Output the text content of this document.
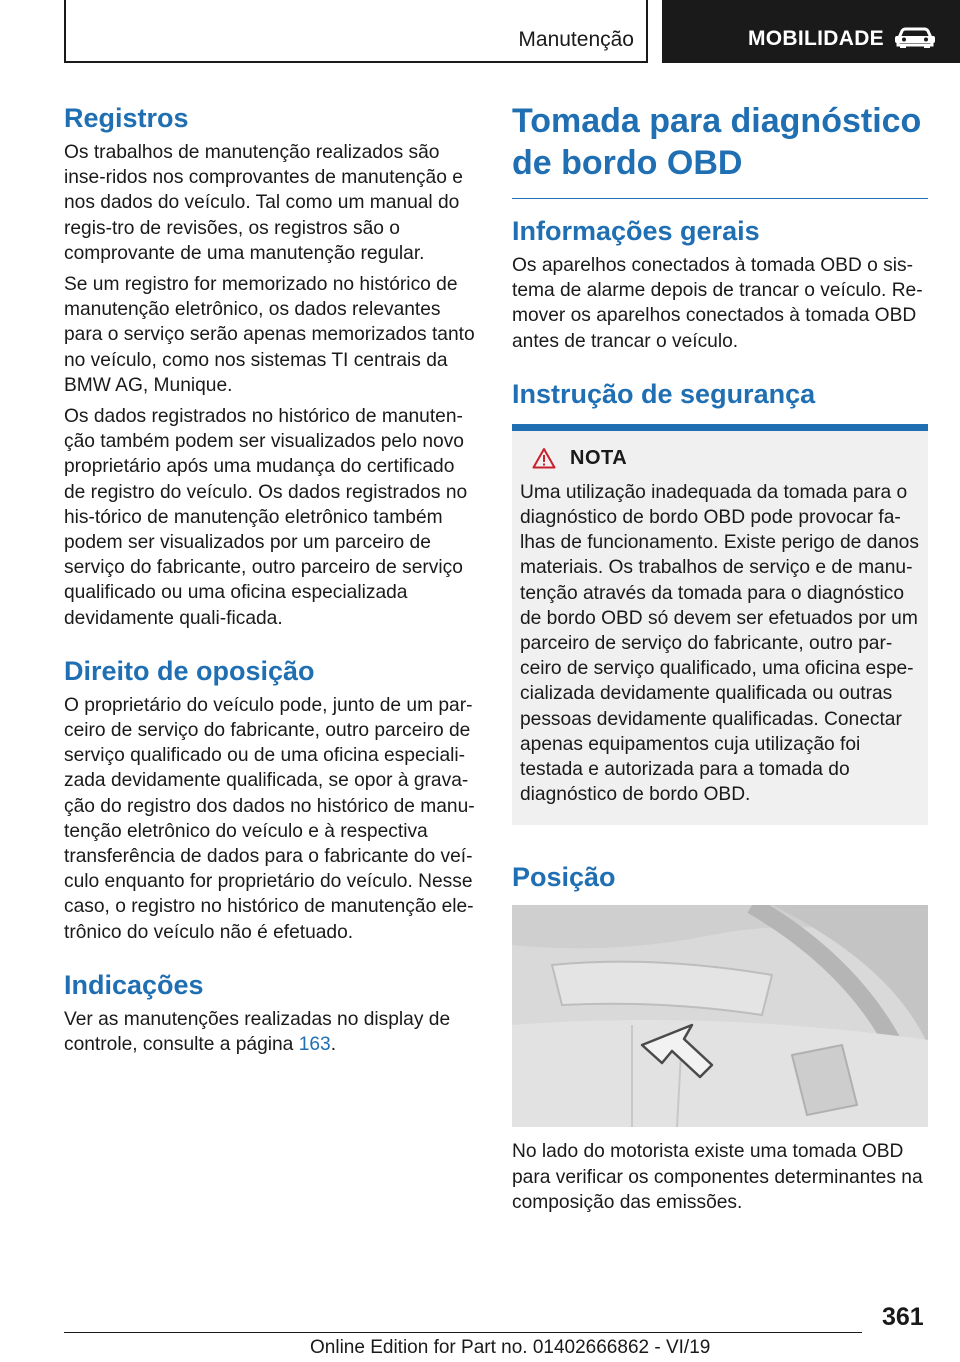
Manutenção	MOBILIDADE
Registros

Os trabalhos de manutenção realizados são inse-ridos nos comprovantes de manutenção e nos dados do veículo. Tal como um manual do regis-tro de revisões, os registros são o comprovante de uma manutenção regular.

Se um registro for memorizado no histórico de manutenção eletrônico, os dados relevantes para o serviço serão apenas memorizados tanto no veículo, como nos sistemas TI centrais da BMW AG, Munique.

Os dados registrados no histórico de manuten-ção também podem ser visualizados pelo novo proprietário após uma mudança do certificado de registro do veículo. Os dados registrados no his-tórico de manutenção eletrônico também podem ser visualizados por um parceiro de serviço do fabricante, outro parceiro de serviço qualificado ou uma oficina especializada devidamente quali-ficada.

Direito de oposição

O proprietário do veículo pode, junto de um par-ceiro de serviço do fabricante, outro parceiro de serviço qualificado ou de uma oficina especiali-zada devidamente qualificada, se opor à grava-ção do registro dos dados no histórico de manu-tenção eletrônico do veículo e à respectiva transferência de dados para o fabricante do veí-culo enquanto for proprietário do veículo. Nesse caso, o registro no histórico de manutenção ele-trônico do veículo não é efetuado.

Indicações

Ver as manutenções realizadas no display de controle, consulte a página 163.

Tomada para diagnóstico
de bordo OBD
Informações gerais

Os aparelhos conectados à tomada OBD o sis-tema de alarme depois de trancar o veículo. Re-mover os aparelhos conectados à tomada OBD antes de trancar o veículo.

Instrução de segurança
NOTA

Uma utilização inadequada da tomada para o diagnóstico de bordo OBD pode provocar fa-lhas de funcionamento. Existe perigo de danos materiais. Os trabalhos de serviço e de manu-tenção através da tomada para o diagnóstico de bordo OBD só devem ser efetuados por um parceiro de serviço do fabricante, outro par-ceiro de serviço qualificado, uma oficina espe-cializada devidamente qualificada ou outras pessoas devidamente qualificadas. Conectar apenas equipamentos cuja utilização foi testada e autorizada para a tomada do diagnóstico de bordo OBD.

Posição

No lado do motorista existe uma tomada OBD para verificar os componentes determinantes na composição das emissões.

361
Online Edition for Part no. 01402666862 - VI/19
